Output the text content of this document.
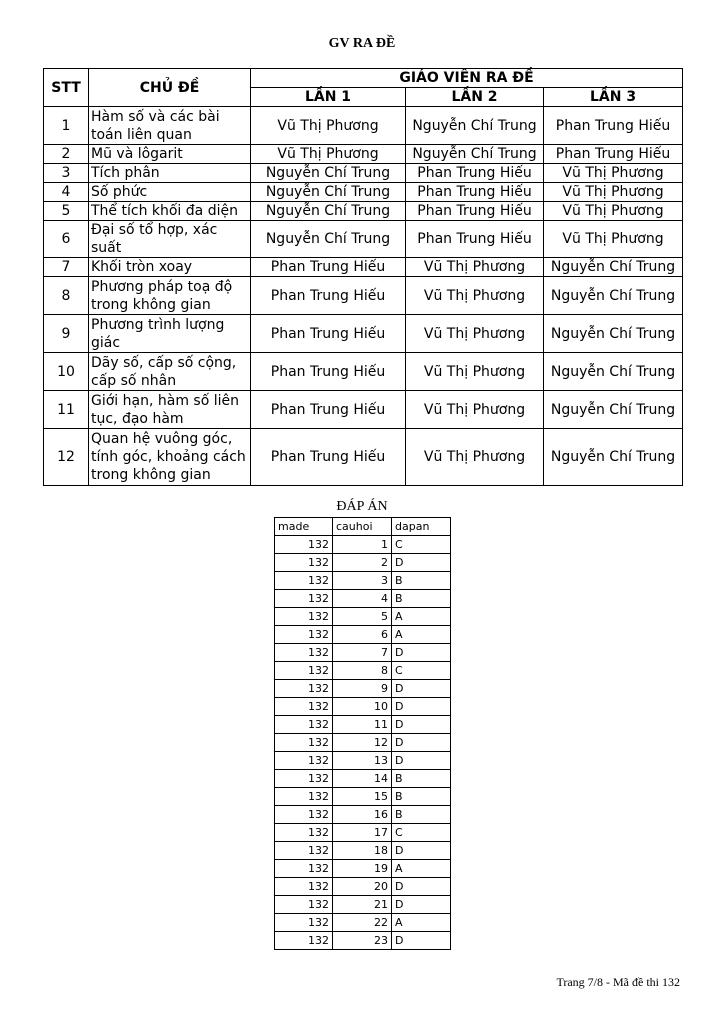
GV RA ĐỀ
STT	CHỦ ĐỀ	GIÁO VIÊN RA ĐỀ		
		LẦN 1	LẦN 2	LẦN 3
1	Hàm số và các bài toán liên quan	Vũ Thị Phương	Nguyễn Chí Trung	Phan Trung Hiếu
2	Mũ và lôgarit	Vũ Thị Phương	Nguyễn Chí Trung	Phan Trung Hiếu
3	Tích phân	Nguyễn Chí Trung	Phan Trung Hiếu	Vũ Thị Phương
4	Số phức	Nguyễn Chí Trung	Phan Trung Hiếu	Vũ Thị Phương
5	Thể tích khối đa diện	Nguyễn Chí Trung	Phan Trung Hiếu	Vũ Thị Phương
6	Đại số tổ hợp, xác suất	Nguyễn Chí Trung	Phan Trung Hiếu	Vũ Thị Phương
7	Khối tròn xoay	Phan Trung Hiếu	Vũ Thị Phương	Nguyễn Chí Trung
8	Phương pháp toạ độ trong không gian	Phan Trung Hiếu	Vũ Thị Phương	Nguyễn Chí Trung
9	Phương trình lượng giác	Phan Trung Hiếu	Vũ Thị Phương	Nguyễn Chí Trung
10	Dãy số, cấp số cộng, cấp số nhân	Phan Trung Hiếu	Vũ Thị Phương	Nguyễn Chí Trung
11	Giới hạn, hàm số liên tục, đạo hàm	Phan Trung Hiếu	Vũ Thị Phương	Nguyễn Chí Trung
12	Quan hệ vuông góc, tính góc, khoảng cách trong không gian	Phan Trung Hiếu	Vũ Thị Phương	Nguyễn Chí Trung
ĐÁP ÁN
made	cauhoi	dapan
132	1	C
132	2	D
132	3	B
132	4	B
132	5	A
132	6	A
132	7	D
132	8	C
132	9	D
132	10	D
132	11	D
132	12	D
132	13	D
132	14	B
132	15	B
132	16	B
132	17	C
132	18	D
132	19	A
132	20	D
132	21	D
132	22	A
132	23	D
Trang 7/8 - Mã đề thi 132
